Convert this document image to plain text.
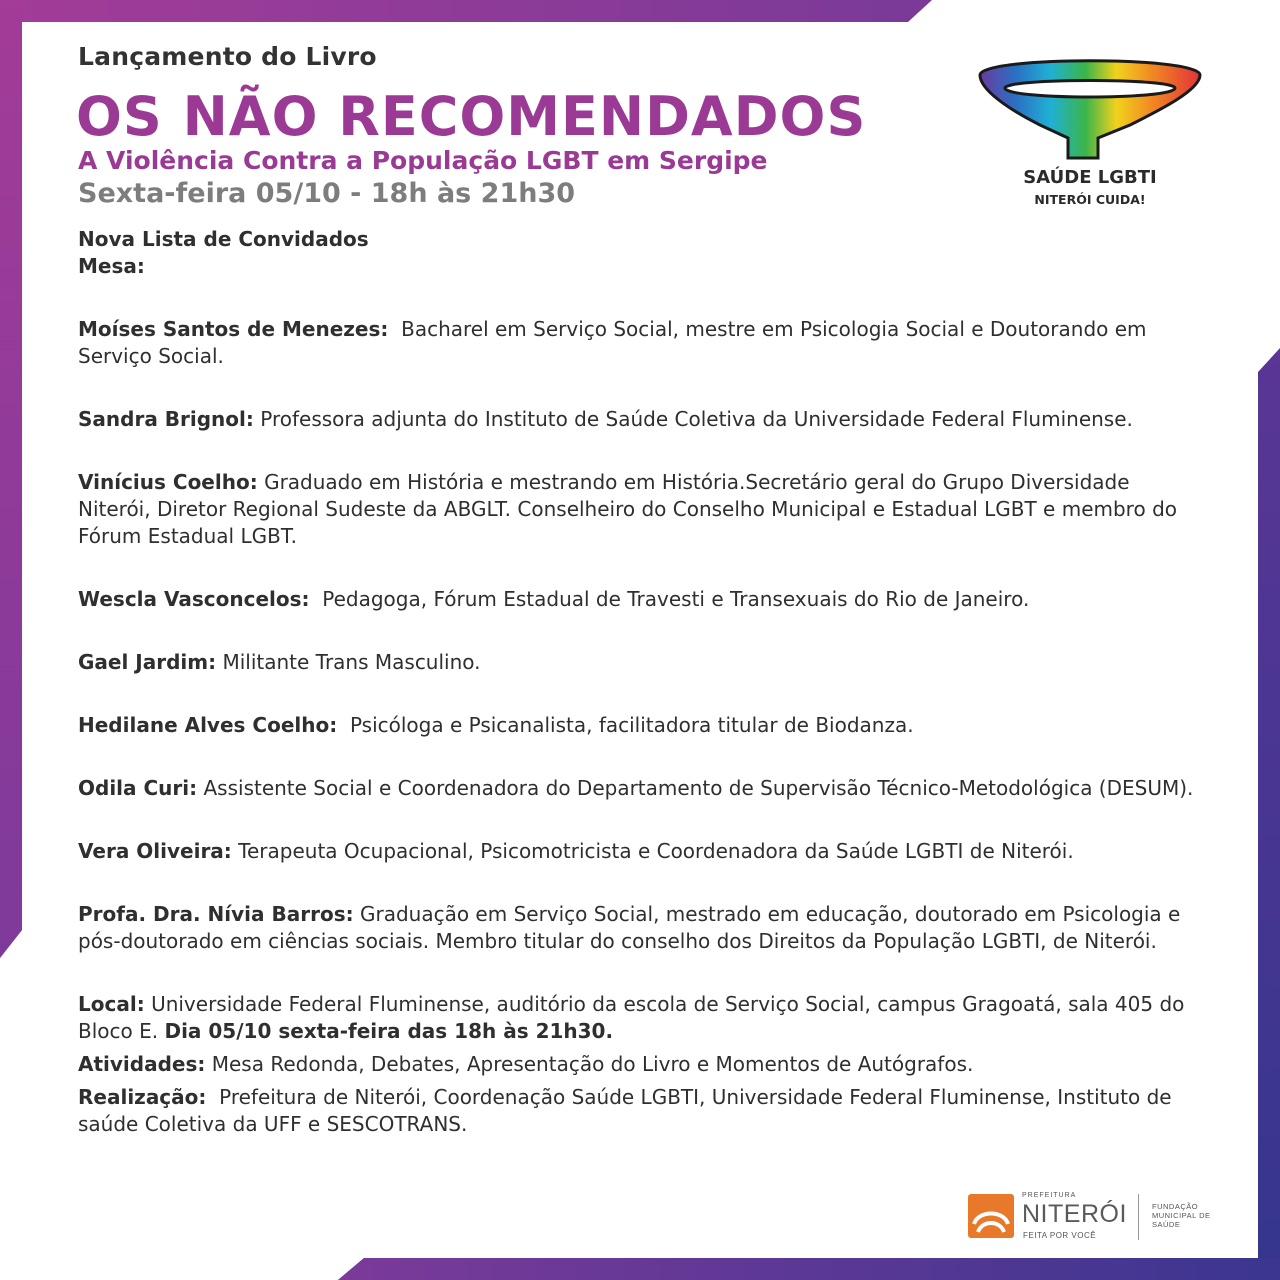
Lançamento do Livro
OS NÃO RECOMENDADOS
A Violência Contra a População LGBT em Sergipe
Sexta-feira 05/10 - 18h às 21h30
SAÚDE LGBTI
NITERÓI CUIDA!

Nova Lista de Convidados

Mesa:

Moíses Santos de Menezes: Bacharel em Serviço Social, mestre em Psicologia Social e Doutorando em Serviço Social.

Sandra Brignol: Professora adjunta do Instituto de Saúde Coletiva da Universidade Federal Fluminense.

Vinícius Coelho: Graduado em História e mestrando em História.Secretário geral do Grupo Diversidade Niterói, Diretor Regional Sudeste da ABGLT. Conselheiro do Conselho Municipal e Estadual LGBT e membro do Fórum Estadual LGBT.

Wescla Vasconcelos: Pedagoga, Fórum Estadual de Travesti e Transexuais do Rio de Janeiro.

Gael Jardim: Militante Trans Masculino.

Hedilane Alves Coelho: Psicóloga e Psicanalista, facilitadora titular de Biodanza.

Odila Curi: Assistente Social e Coordenadora do Departamento de Supervisão Técnico-Metodológica (DESUM).

Vera Oliveira: Terapeuta Ocupacional, Psicomotricista e Coordenadora da Saúde LGBTI de Niterói.

Profa. Dra. Nívia Barros: Graduação em Serviço Social, mestrado em educação, doutorado em Psicologia e pós-doutorado em ciências sociais. Membro titular do conselho dos Direitos da População LGBTI, de Niterói.

Local: Universidade Federal Fluminense, auditório da escola de Serviço Social, campus Gragoatá, sala 405 do Bloco E. Dia 05/10 sexta-feira das 18h às 21h30.

Atividades: Mesa Redonda, Debates, Apresentação do Livro e Momentos de Autógrafos.

Realização: Prefeitura de Niterói, Coordenação Saúde LGBTI, Universidade Federal Fluminense, Instituto de saúde Coletiva da UFF e SESCOTRANS.

PREFEITURA
NITERÓI
FEITA POR VOCÊ
FUNDAÇÃO MUNICIPAL DE SAÚDE
